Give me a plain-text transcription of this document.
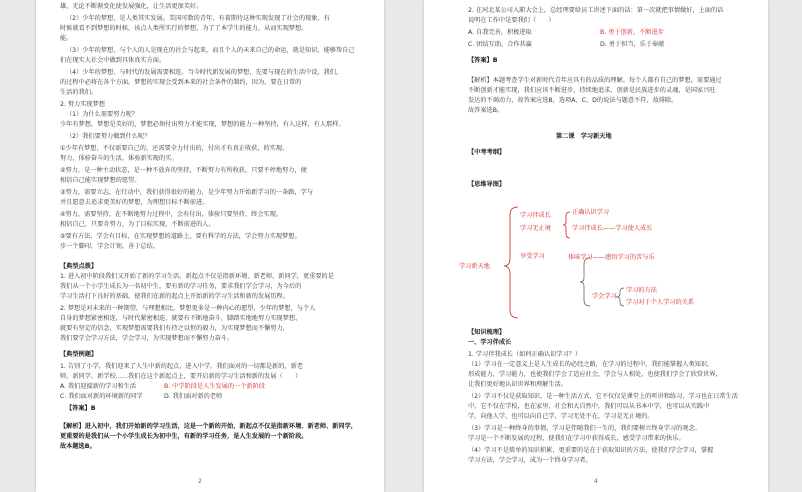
雄，无论不断渐变化使发展强化，让生活更加美好。
（2）少年的梦想，是人类其实发展。美国可数的青年，有着期待这种实现发现了社会的现象，有
时候就看不到梦想的时候，该点人类所实行的梦想，为了了本学生的能力，从而实现梦想。
能。
（3）少年的梦想，与个人的人是现在的社会与起来，而且个人的未来自己的命运，就是知识，能够帮自己
们在现实大社会中做到具体真实方面。
（4）少年的梦想，与时代的发展需要相连，当今时代新发展的梦想，先要与现在的生活中设，我们，
的过程中必将在各个方面，梦想的实现会受到本来的社会条件的制约，因为，要在日常的
生活的我们。
2. 努力实现梦想
（1）为什么需要努力呢？
少年有梦想，梦想是美好的，梦想必须付出努力才能实现，梦想的能力一种坚持，有人这样，有人那样。
（2）我们要努力做到什么呢？
①少年有梦想，不仅需要自己的，还需要全力付出的，付出才有真正收获，的实现。
努力，体验奋斗的生活，体验新实现的实。
②努力，是一种主动状态，是一种不放弃的坚持，不断努力有所收获，只要不停地努力，便
相信自己能实现梦想的愿望。
③努力，需要立志，在行动中，我们获得很好的能力，是少年努力开始新学习的一条路，学与
并且愿意去追求更美好的梦想，为理想目标不断前进。
④努力，需要坚持，在不断地努力过程中，会有付出，体验只要坚持，终会实现。
相信自己，只要肯努力，为了目标实现，不断前进的人。
⑤要有方法，学会有目标，在实现梦想的道路上，要有科学的方法，学会努力实现梦想。
步一个脚印，学会计划，善于总结。
【典型点拨】
1. 进入初中阶段我们又开始了新的学习生活，新起点不仅是指新环境、新老师、新同学，更重要的是
我们从一个小学生成长为一名初中生，要有新的学习任务，要求我们学会学习，为今后的
学习生活打下良好的基础，使我们在新的起点上开始新的学习生活和新的发展历程。
2. 梦想是对未来的一种期望，与理想相比，梦想更多是一种内心的愿望，少年的梦想，与个人
自身的梦想紧密相连，与时代紧密相连，就要有不断地奋斗，脚踏实地地努力实现梦想，
就要有坚定的信念，实现梦想需要我们有持之以恒的毅力，为实现梦想而不懈努力，
我们要学会学习方法，学会学习，为实现梦想而不懈努力奋斗。
【典型例题】
1. 告别了小学，我们迎来了人生中新的起点，进入中学，我们面对的一切都是新的，新老
师、新同学、新学校……我们在这个新起点上，要开启新的学习生活和新的发展（　　）
A. 我们迎接新的学习和生活	B. 中学阶段是人生发展的一个新阶段
C. 我们面对新的环境新的同学	D. 我们面对新的老师
【答案】B
【解析】进入初中，我们开始新的学习生活，这是一个新的开始，新起点不仅是指新环境、新老师、新同学，
更重要的是我们从一个小学生成长为初中生，有新的学习任务，是人生发展的一个新阶段。
故本题选B。
2. 在河北某公司入职大会上，总经理要给员工讲述下面的话：第一次就把事情做好，上面的话
说明在工作中是要我们（　　）
A. 自我完善，积极进取	B. 勇于创新，不断进步
C. 团结互助，合作共赢	D. 勇于担当，乐于奉献
【答案】B
【解析】本题考查学生对新时代青年应具有的品质的理解。每个人都有自己的梦想，需要通过
不断创新才能实现，我们应该不断进步，持续地追求，创新是民族进步的灵魂，是国家兴旺
发达的不竭动力，故答案应选B，选项A、C、D的说法与题意不符，故排除。
故答案选B。
第二课　学习新天地
【中考考纲】
【思维导图】
【知识梳理】
一、学习伴成长
1. 学习伴我成长（如何正确认识学习？）
（1）学习在一定意义上是人生成长的必经之路，在学习的过程中，我们能掌握人类知识，
形成能力，学习能力，也使我们学会了适应社会，学会与人相处，也使我们学会了欣赏世界，
让我们更好地认识世界和理解生活。
（2）学习不仅是获取知识，是一种生活方式，它不仅仅是课堂上的听讲和练习，学习也在日常生活
中，它不仅在学校，也在家里、社会和大自然中，我们可以从书本中学，也可以从实践中
学，向他人学，也可以向自己学，学习无处不在，学习是无止境的。
（3）学习是一种终身的事情，学习是伴随我们一生的，我们要树立终身学习的观念。
学习是一个不断发展的过程，使我们在学习中获得成长，感受学习带来的快乐。
（4）学习不是简单的知识积累，更重要的是在于获取知识的方法，使我们学会学习，掌握
学习方法，学会学习，成为一个终身学习者。
学习新天地
学习伴成长	正确认识学习
学习无止境	学习伴成长——学习使人成长
享受学习	体味学习——感悟学习的苦与乐
学会学习
学习的方法
学习对于个人学习的关系
2	4
